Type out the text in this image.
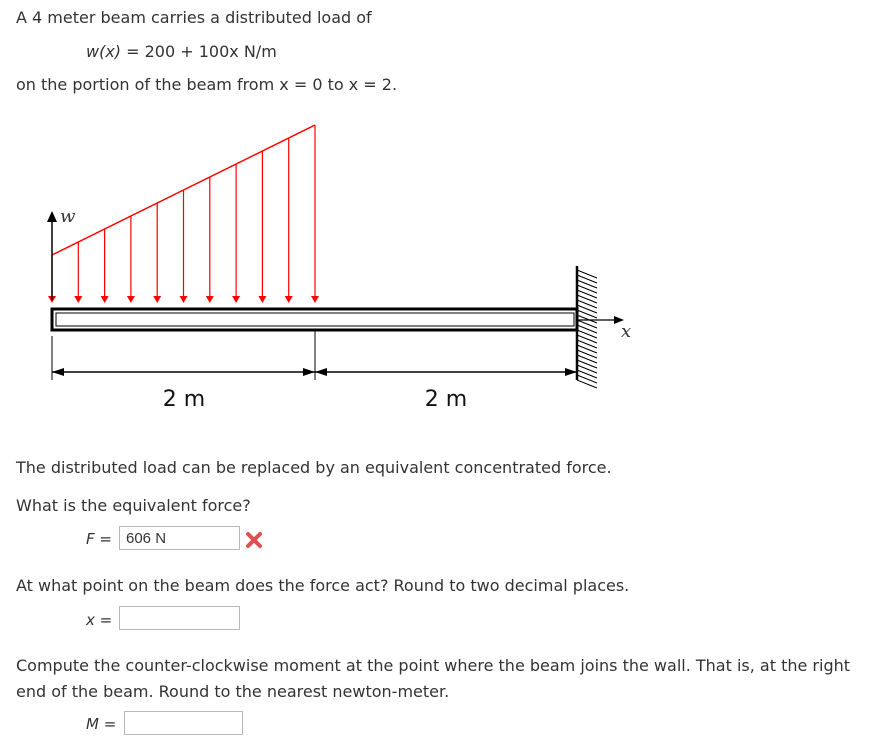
A 4 meter beam carries a distributed load of
w(x) = 200 + 100x N/m
on the portion of the beam from x = 0 to x = 2.
w
x
2 m	2 m
The distributed load can be replaced by an equivalent concentrated force.
What is the equivalent force?
F =
606 N
At what point on the beam does the force act? Round to two decimal places.
x =
Compute the counter-clockwise moment at the point where the beam joins the wall. That is, at the right
end of the beam. Round to the nearest newton-meter.
M =
